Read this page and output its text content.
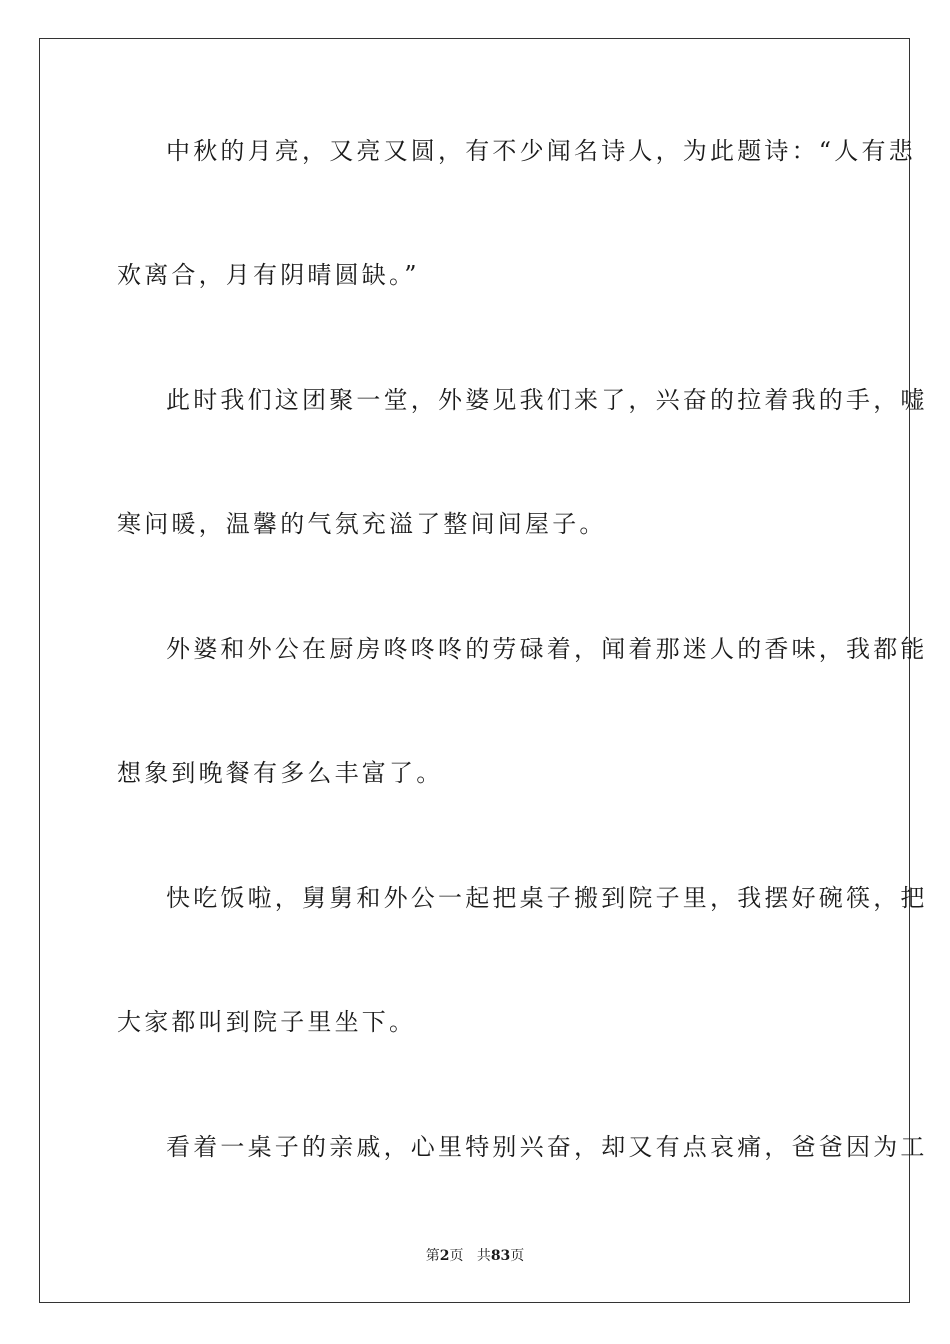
中秋的月亮，又亮又圆，有不少闻名诗人，为此题诗：“人有悲
欢离合，月有阴晴圆缺。”
此时我们这团聚一堂，外婆见我们来了，兴奋的拉着我的手，嘘
寒问暖，温馨的气氛充溢了整间间屋子。
外婆和外公在厨房咚咚咚的劳碌着，闻着那迷人的香味，我都能
想象到晚餐有多么丰富了。
快吃饭啦，舅舅和外公一起把桌子搬到院子里，我摆好碗筷，把
大家都叫到院子里坐下。
看着一桌子的亲戚，心里特别兴奋，却又有点哀痛，爸爸因为工
第2页 共83页
